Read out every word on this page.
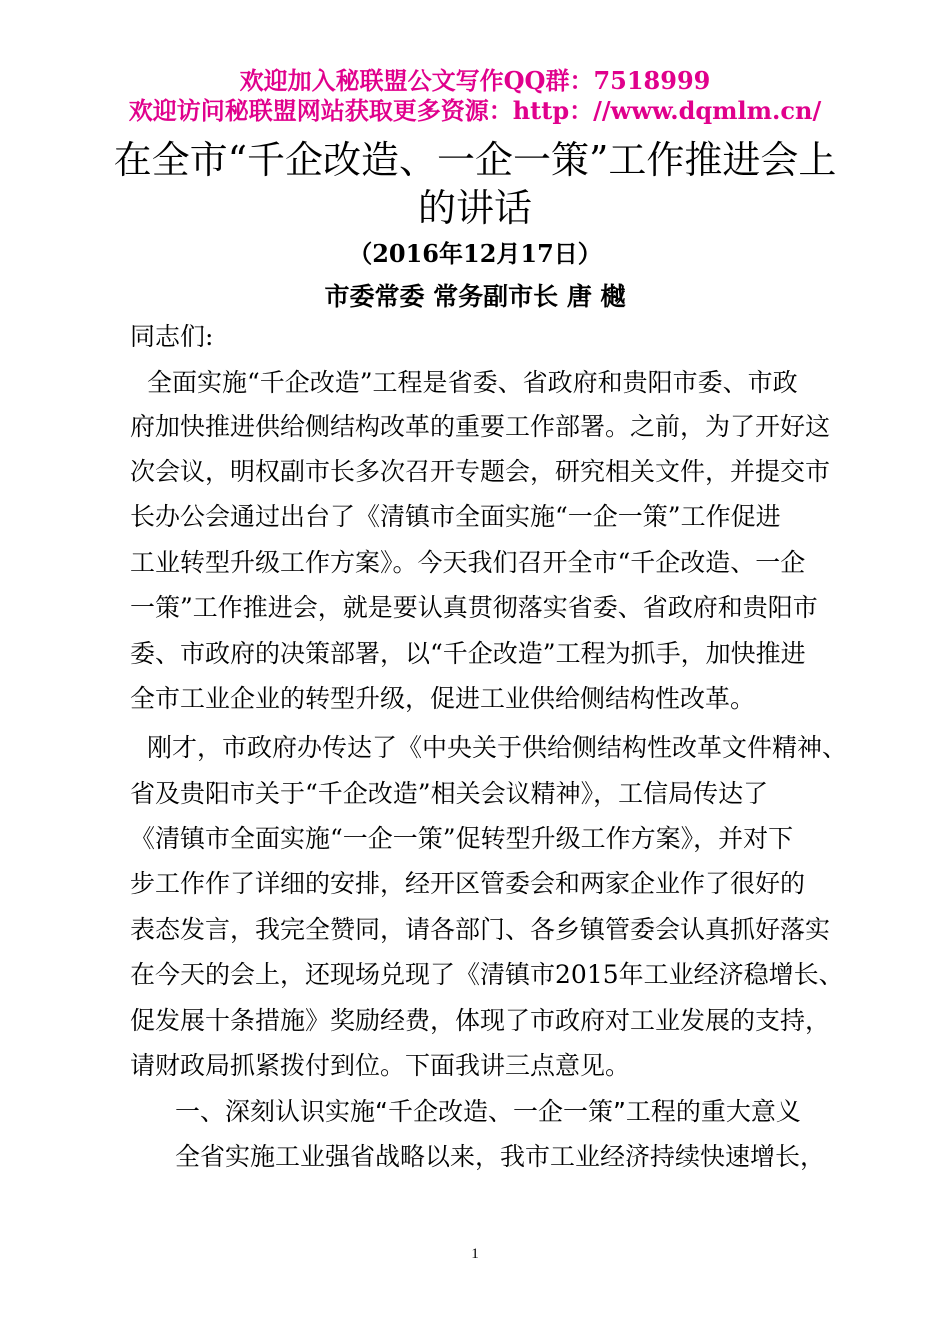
欢迎加入秘联盟公文写作QQ群：7518999
欢迎访问秘联盟网站获取更多资源：http：//www.dqmlm.cn/
在全市“千企改造、一企一策”工作推进会上
的讲话
（2016年12月17日）
市委常委 常务副市长 唐 樾
同志们:
全面实施“千企改造”工程是省委、省政府和贵阳市委、市政
府加快推进供给侧结构改革的重要工作部署。之前，为了开好这
次会议，明权副市长多次召开专题会，研究相关文件，并提交市
长办公会通过出台了《清镇市全面实施“一企一策”工作促进
工业转型升级工作方案》。今天我们召开全市“千企改造、一企
一策”工作推进会，就是要认真贯彻落实省委、省政府和贵阳市
委、市政府的决策部署，以“千企改造”工程为抓手，加快推进
全市工业企业的转型升级，促进工业供给侧结构性改革。
刚才，市政府办传达了《中央关于供给侧结构性改革文件精神、
省及贵阳市关于“千企改造”相关会议精神》，工信局传达了
《清镇市全面实施“一企一策”促转型升级工作方案》，并对下
步工作作了详细的安排，经开区管委会和两家企业作了很好的
表态发言，我完全赞同，请各部门、各乡镇管委会认真抓好落实
在今天的会上，还现场兑现了《清镇市2015年工业经济稳增长、
促发展十条措施》奖励经费，体现了市政府对工业发展的支持，
请财政局抓紧拨付到位。下面我讲三点意见。
一、深刻认识实施“千企改造、一企一策”工程的重大意义
全省实施工业强省战略以来，我市工业经济持续快速增长，
1
